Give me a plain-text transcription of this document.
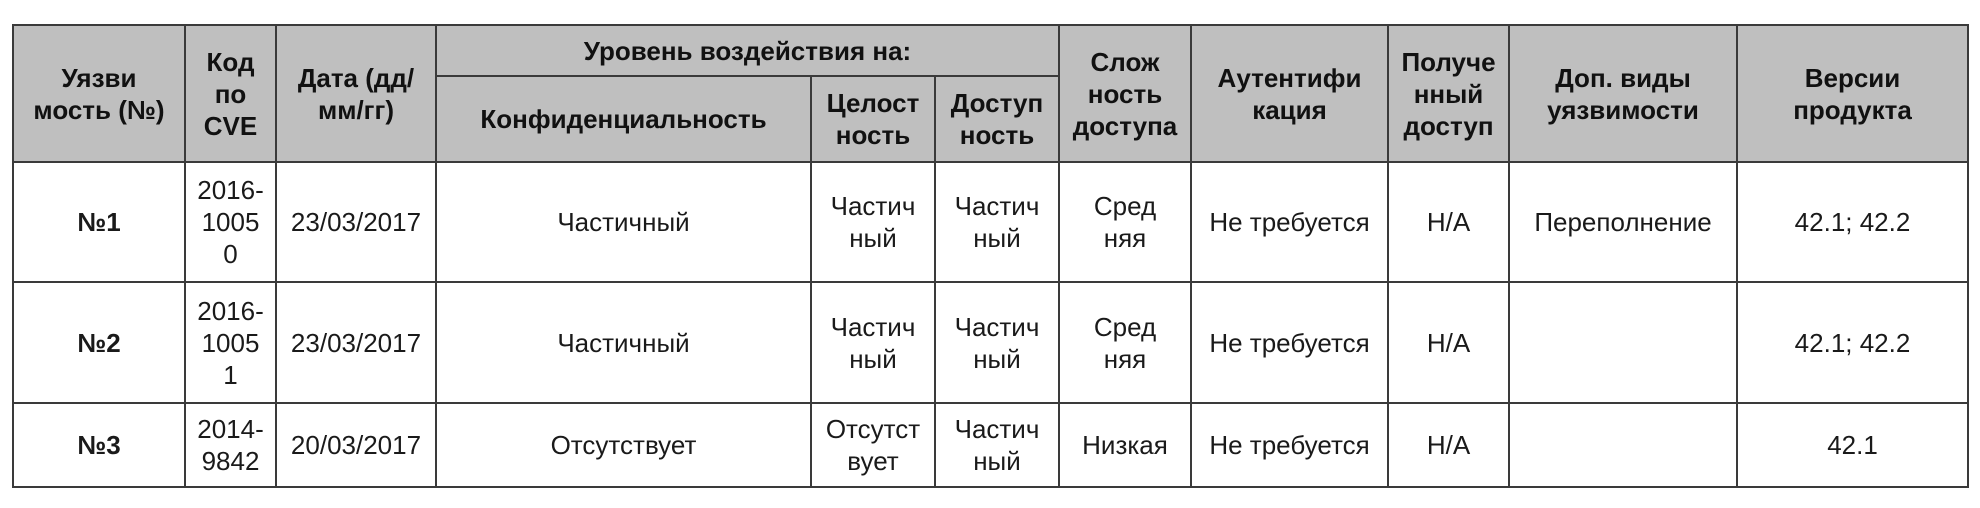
Уязви
мость (№)	Код
по
CVE	Дата (дд/
мм/гг)	Уровень воздействия на:			Слож
ность
доступа	Аутентифи
кация	Получе
нный
доступ	Доп. виды
уязвимости	Версии
продукта

			Конфиденциальность	Целост
ность	Доступ
ность					

№1	2016-
1005
0	23/03/2017	Частичный	Частич
ный	Частич
ный	Сред
няя	Не требуется	Н/А	Переполнение	42.1; 42.2
№2	2016-
1005
1	23/03/2017	Частичный	Частич
ный	Частич
ный	Сред
няя	Не требуется	Н/А		42.1; 42.2
№3	2014-
9842	20/03/2017	Отсутствует	Отсутст
вует	Частич
ный	Низкая	Не требуется	Н/А		42.1
